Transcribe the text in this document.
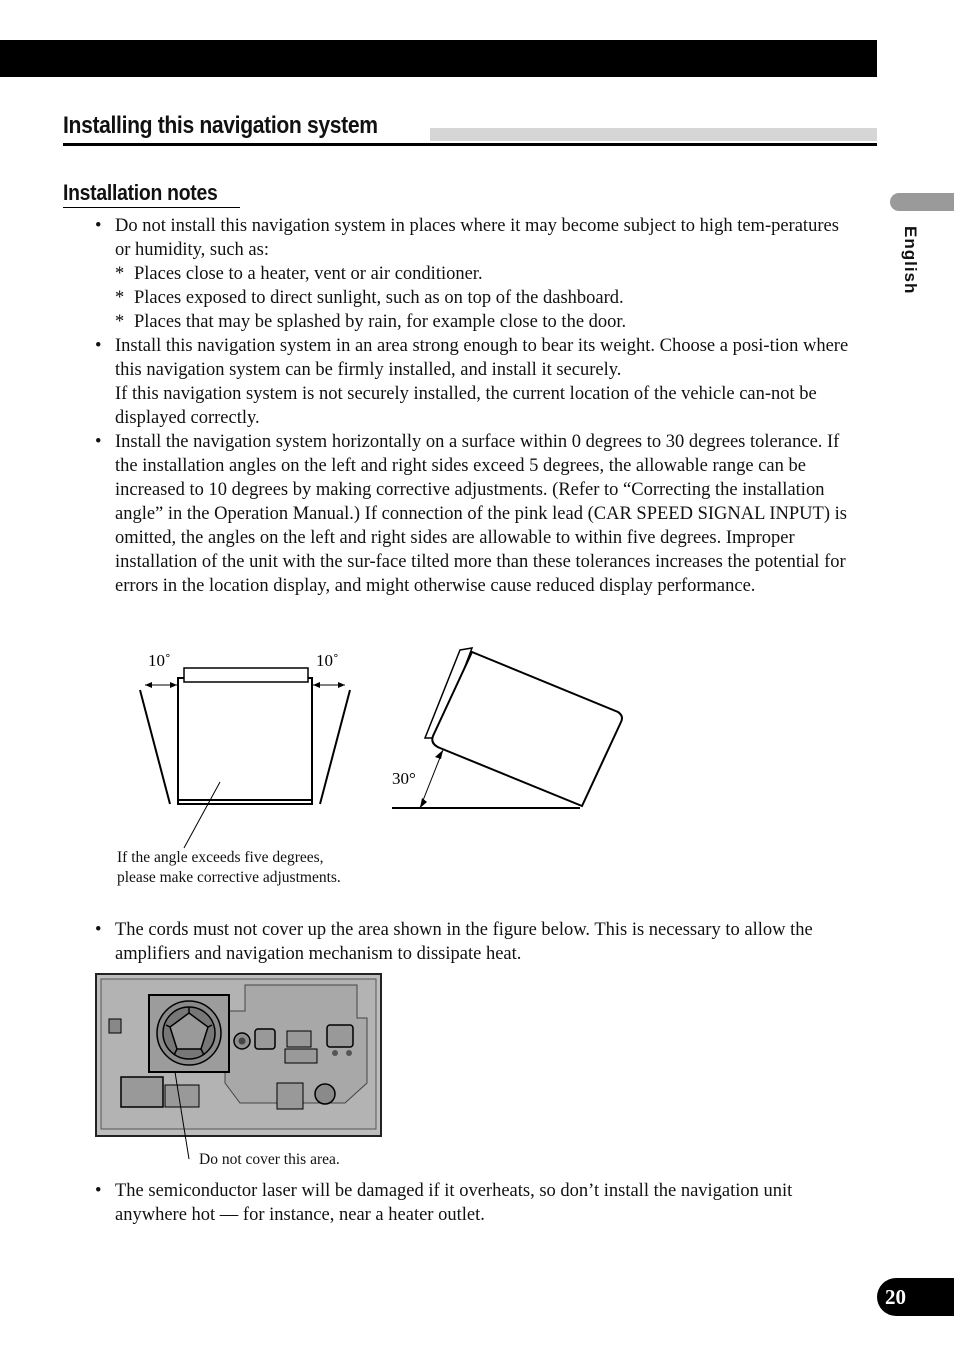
Installing this navigation system
Installation notes
English
• Do not install this navigation system in places where it may become subject to high tem-peratures or humidity, such as:
* Places close to a heater, vent or air conditioner.
* Places exposed to direct sunlight, such as on top of the dashboard.
* Places that may be splashed by rain, for example close to the door.
• Install this navigation system in an area strong enough to bear its weight. Choose a posi-tion where this navigation system can be firmly installed, and install it securely.
If this navigation system is not securely installed, the current location of the vehicle can-not be displayed correctly.
• Install the navigation system horizontally on a surface within 0 degrees to 30 degrees tolerance. If the installation angles on the left and right sides exceed 5 degrees, the allowable range can be increased to 10 degrees by making corrective adjustments. (Refer to “Correcting the installation angle” in the Operation Manual.) If connection of the pink lead (CAR SPEED SIGNAL INPUT) is omitted, the angles on the left and right sides are allowable to within five degrees. Improper installation of the unit with the sur-face tilted more than these tolerances increases the potential for errors in the location display, and might otherwise cause reduced display performance.
10˚	10˚
30°
If the angle exceeds five degrees,
please make corrective adjustments.
• The cords must not cover up the area shown in the figure below. This is necessary to allow the amplifiers and navigation mechanism to dissipate heat.
Do not cover this area.
• The semiconductor laser will be damaged if it overheats, so don’t install the navigation unit anywhere hot — for instance, near a heater outlet.
20
